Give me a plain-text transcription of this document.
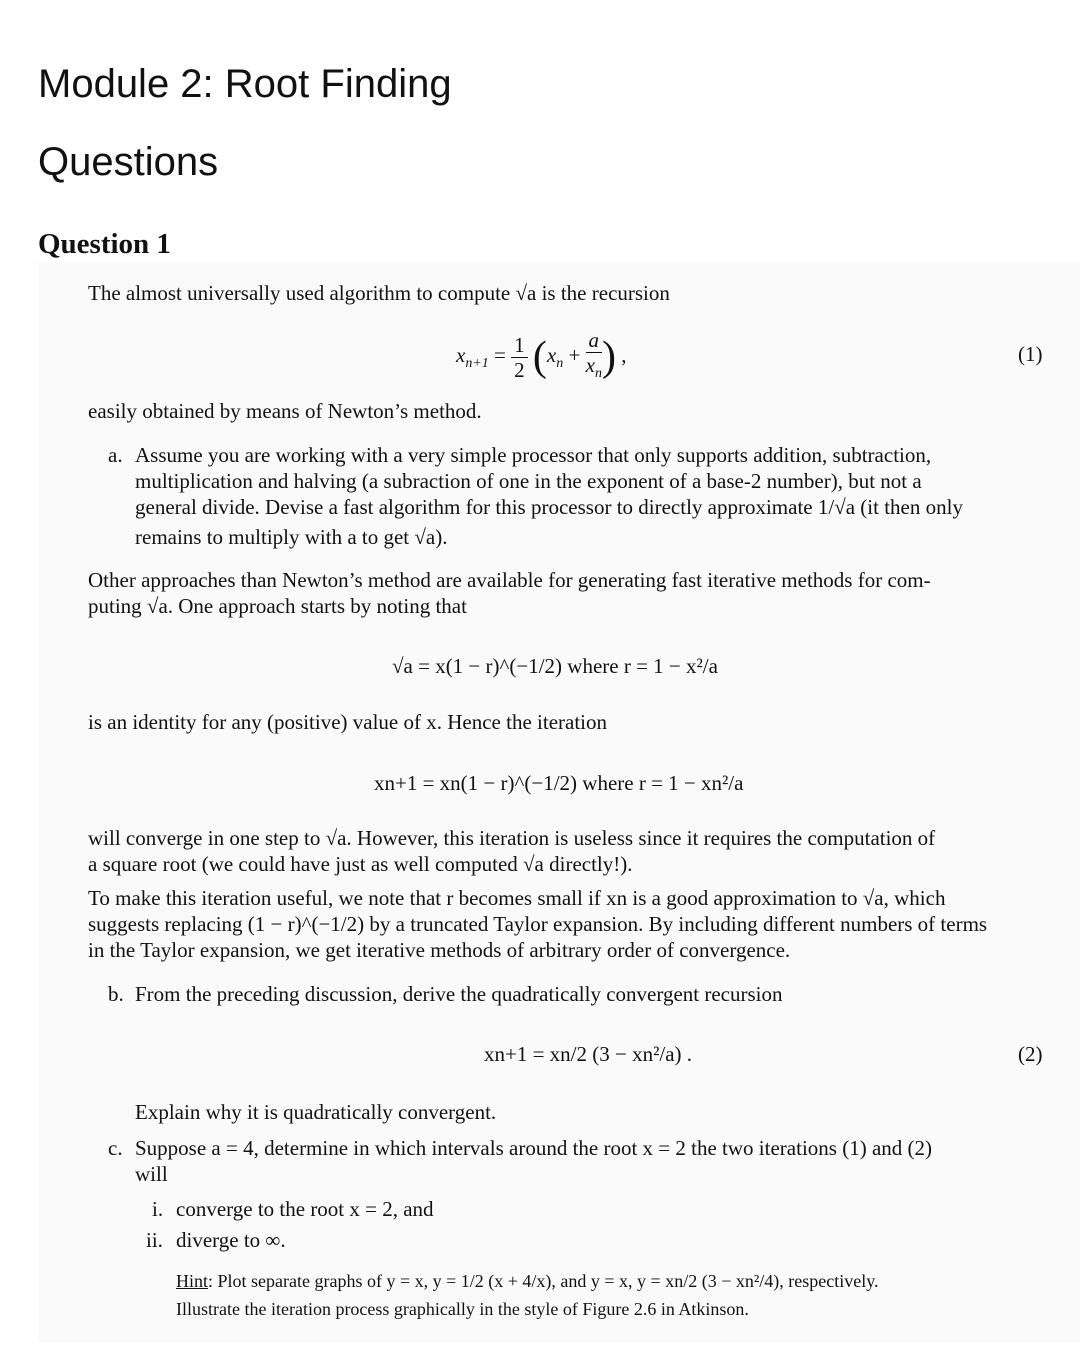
Module 2: Root Finding
Questions
Question 1

The almost universally used algorithm to compute √a is the recursion

$x_{n+1} = \frac{1}{2} (x_n + \frac{a}{x_n}$ ) ,	(1)

easily obtained by means of Newton’s method.

a. Assume you are working with a very simple processor that only supports addition, subtraction,

multiplication and halving (a subraction of one in the exponent of a base-2 number), but not a

general divide. Devise a fast algorithm for this processor to directly approximate 1/√a (it then only

remains to multiply with a to get √a).

Other approaches than Newton’s method are available for generating fast iterative methods for com-

puting √a. One approach starts by noting that

√a = x(1 − r)^(−1/2) where r = 1 − x²/a

is an identity for any (positive) value of x. Hence the iteration

xn+1 = xn(1 − r)^(−1/2) where r = 1 − xn²/a

will converge in one step to √a. However, this iteration is useless since it requires the computation of

a square root (we could have just as well computed √a directly!).

To make this iteration useful, we note that r becomes small if xn is a good approximation to √a, which

suggests replacing (1 − r)^(−1/2) by a truncated Taylor expansion. By including different numbers of terms

in the Taylor expansion, we get iterative methods of arbitrary order of convergence.

b. From the preceding discussion, derive the quadratically convergent recursion

xn+1 = xn/2 (3 − xn²/a) .	(2)

Explain why it is quadratically convergent.

c. Suppose a = 4, determine in which intervals around the root x = 2 the two iterations (1) and (2)

will

i. converge to the root x = 2, and

ii. diverge to ∞.

Hint: Plot separate graphs of y = x, y = 1/2 (x + 4/x), and y = x, y = xn/2 (3 − xn²/4), respectively.

Illustrate the iteration process graphically in the style of Figure 2.6 in Atkinson.
